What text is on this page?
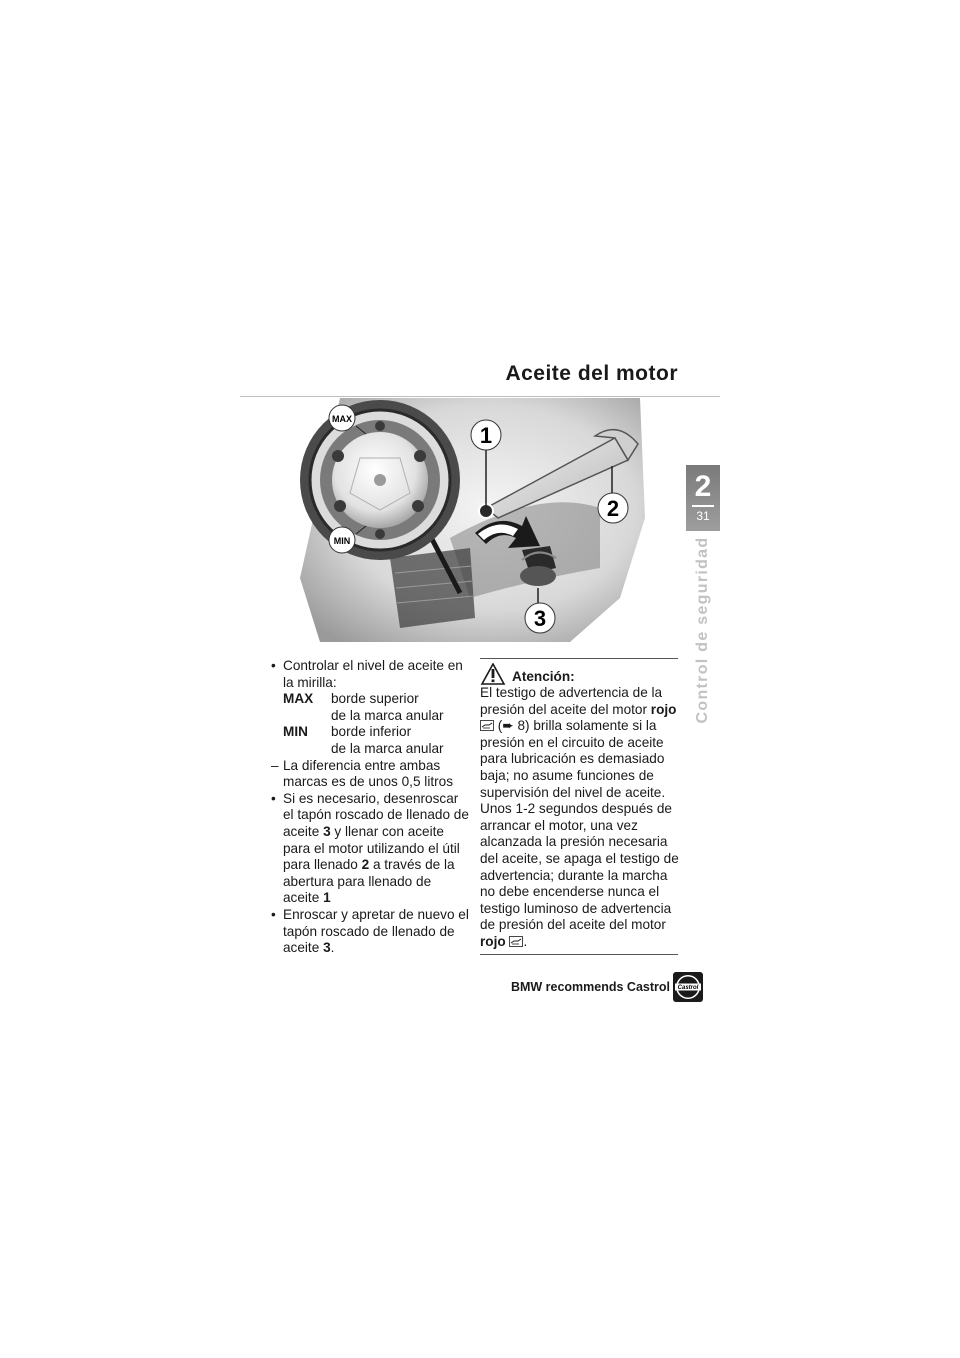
Aceite del motor
MAX
MIN
1
2
3
2
31
Control de seguridad
• Controlar el nivel de aceite en la mirilla:
MAX	borde superior
de la marca anular
MIN	borde inferior
de la marca anular
– La diferencia entre ambas marcas es de unos 0,5 litros
• Si es necesario, desenroscar el tapón roscado de llenado de aceite 3 y llenar con aceite para el motor utilizando el útil para llenado 2 a través de la abertura para llenado de aceite 1
• Enroscar y apretar de nuevo el tapón roscado de llenado de aceite 3.
Atención:
El testigo de advertencia de la presión del aceite del motor rojo  (➨ 8) brilla solamente si la presión en el circuito de aceite para lubricación es demasiado baja; no asume funciones de supervisión del nivel de aceite.
Unos 1-2 segundos después de arrancar el motor, una vez alcanzada la presión necesaria del aceite, se apaga el testigo de advertencia; durante la marcha no debe encenderse nunca el testigo luminoso de advertencia de presión del aceite del motor rojo .
BMW recommends Castrol Castrol
